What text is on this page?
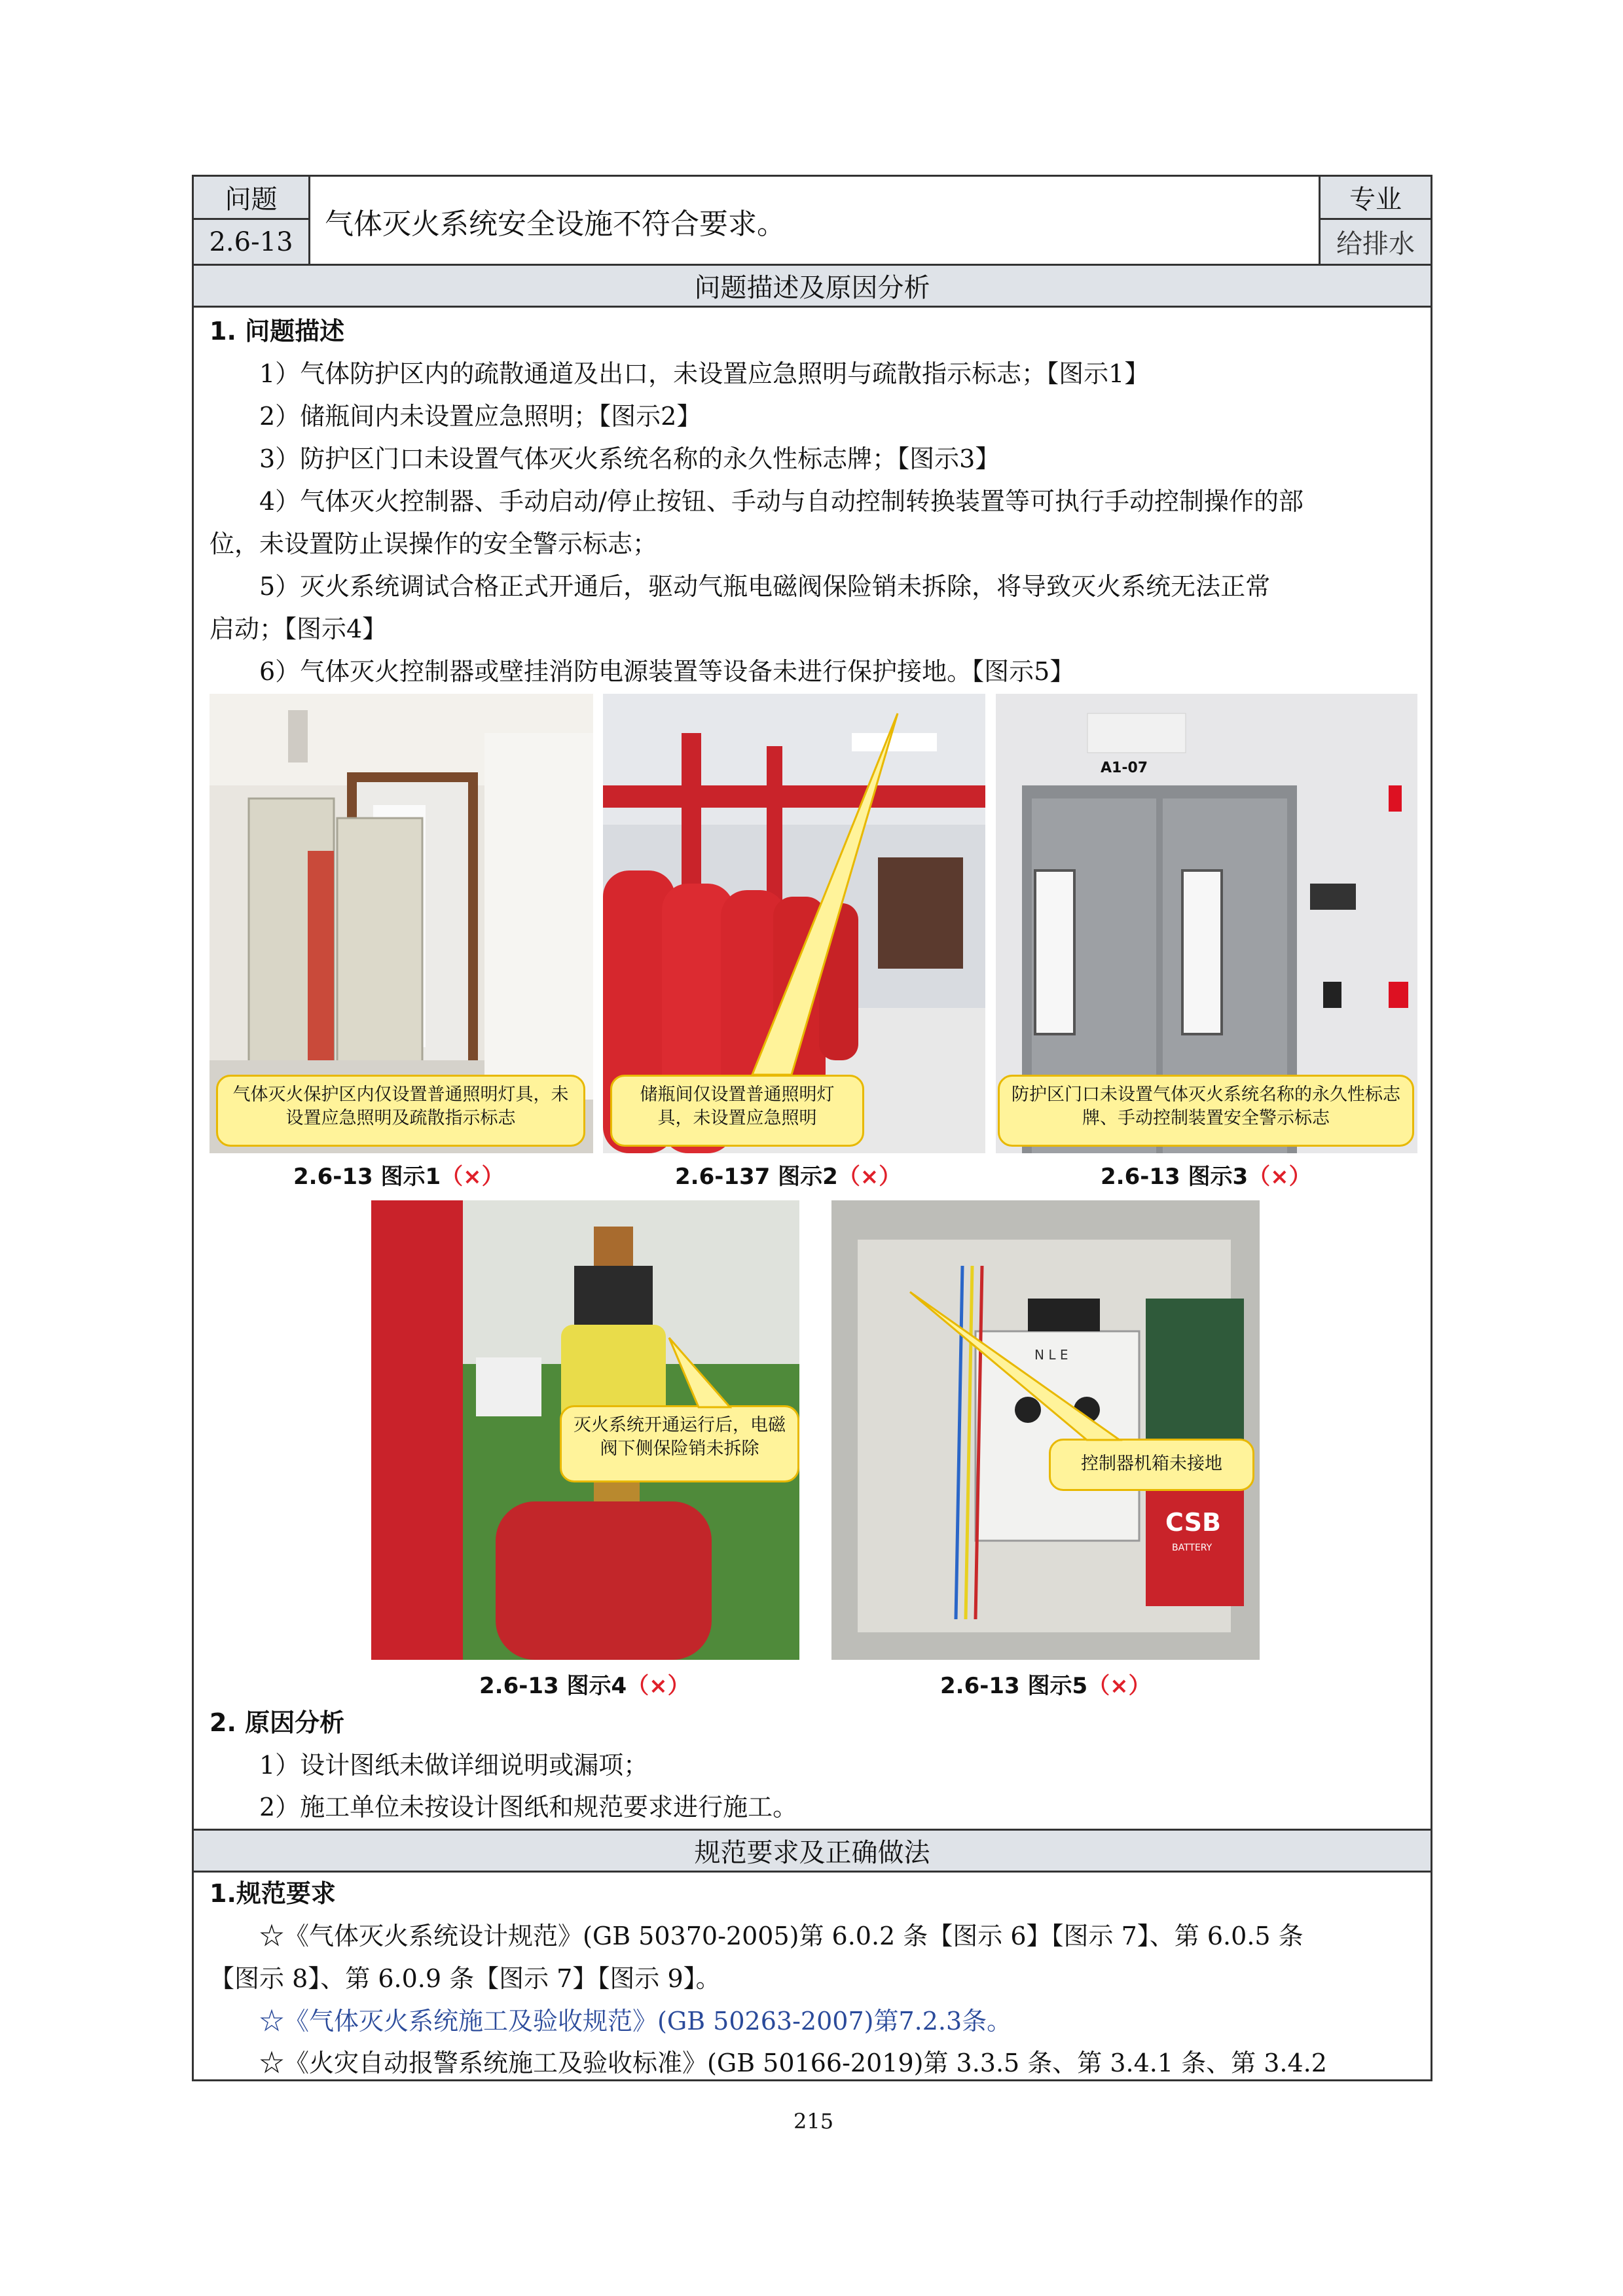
问题
2.6-13
气体灭火系统安全设施不符合要求。
专业
给排水
问题描述及原因分析
1. 问题描述
1）气体防护区内的疏散通道及出口，未设置应急照明与疏散指示标志；【图示1】
2）储瓶间内未设置应急照明；【图示2】
3）防护区门口未设置气体灭火系统名称的永久性标志牌；【图示3】
4）气体灭火控制器、手动启动/停止按钮、手动与自动控制转换装置等可执行手动控制操作的部
位，未设置防止误操作的安全警示标志；
5）灭火系统调试合格正式开通后，驱动气瓶电磁阀保险销未拆除，将导致灭火系统无法正常
启动；【图示4】
6）气体灭火控制器或壁挂消防电源装置等设备未进行保护接地。【图示5】
气体灭火保护区内仅设置普通照明灯具，未设置应急照明及疏散指示标志
2.6-13 图示1（×）
储瓶间仅设置普通照明灯具，未设置应急照明
2.6-137 图示2（×）
A1-07
防护区门口未设置气体灭火系统名称的永久性标志牌、手动控制装置安全警示标志
2.6-13 图示3（×）
灭火系统开通运行后，电磁阀下侧保险销未拆除
2.6-13 图示4（×）
N L E
CSB
BATTERY
控制器机箱未接地
2.6-13 图示5（×）
2. 原因分析
1）设计图纸未做详细说明或漏项；
2）施工单位未按设计图纸和规范要求进行施工。
规范要求及正确做法
1.规范要求
☆《气体灭火系统设计规范》(GB 50370-2005)第 6.0.2 条【图示 6】【图示 7】、第 6.0.5 条
【图示 8】、第 6.0.9 条【图示 7】【图示 9】。
☆《气体灭火系统施工及验收规范》(GB 50263-2007)第7.2.3条。
☆《火灾自动报警系统施工及验收标准》(GB 50166-2019)第 3.3.5 条、第 3.4.1 条、第 3.4.2
215
